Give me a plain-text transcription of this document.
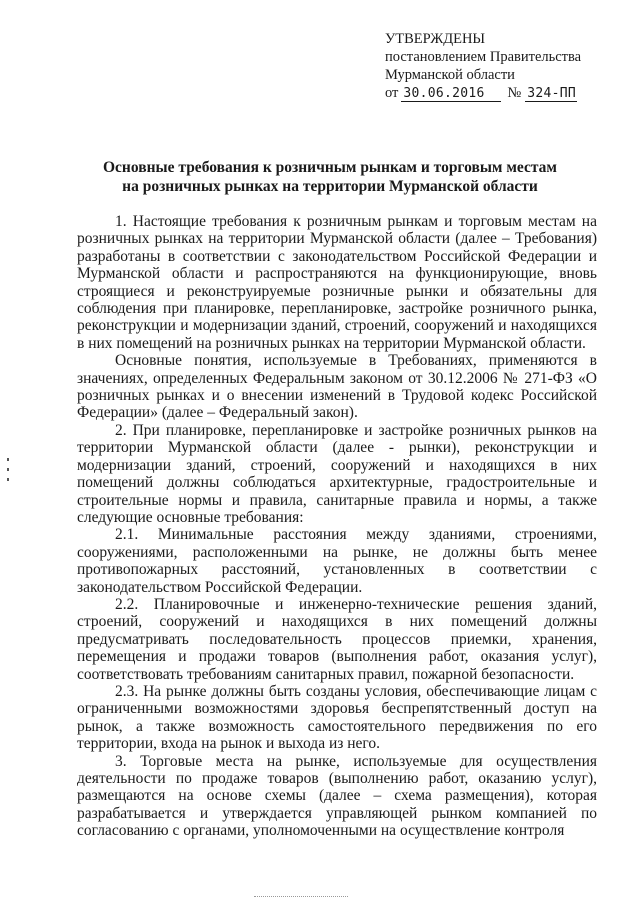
УТВЕРЖДЕНЫ
постановлением Правительства
Мурманской области
от 30.06.2016	№ 324-ПП
Основные требования к розничным рынкам и торговым местам
на розничных рынках на территории Мурманской области

1. Настоящие требования к розничным рынкам и торговым местам на розничных рынках на территории Мурманской области (далее – Требования) разработаны в соответствии с законодательством Российской Федерации и Мурманской области и распространяются на функционирующие, вновь строящиеся и реконструируемые розничные рынки и обязательны для соблюдения при планировке, перепланировке, застройке розничного рынка, реконструкции и модернизации зданий, строений, сооружений и находящихся в них помещений на розничных рынках на территории Мурманской области.

Основные понятия, используемые в Требованиях, применяются в значениях, определенных Федеральным законом от 30.12.2006 № 271-ФЗ «О розничных рынках и о внесении изменений в Трудовой кодекс Российской Федерации» (далее – Федеральный закон).

2. При планировке, перепланировке и застройке розничных рынков на территории Мурманской области (далее - рынки), реконструкции и модернизации зданий, строений, сооружений и находящихся в них помещений должны соблюдаться архитектурные, градостроительные и строительные нормы и правила, санитарные правила и нормы, а также следующие основные требования:

2.1. Минимальные расстояния между зданиями, строениями, сооружениями, расположенными на рынке, не должны быть менее противопожарных расстояний, установленных в соответствии с законодательством Российской Федерации.

2.2. Планировочные и инженерно-технические решения зданий, строений, сооружений и находящихся в них помещений должны предусматривать последовательность процессов приемки, хранения, перемещения и продажи товаров (выполнения работ, оказания услуг), соответствовать требованиям санитарных правил, пожарной безопасности.

2.3. На рынке должны быть созданы условия, обеспечивающие лицам с ограниченными возможностями здоровья беспрепятственный доступ на рынок, а также возможность самостоятельного передвижения по его территории, входа на рынок и выхода из него.

3. Торговые места на рынке, используемые для осуществления деятельности по продаже товаров (выполнению работ, оказанию услуг), размещаются на основе схемы (далее – схема размещения), которая разрабатывается и утверждается управляющей рынком компанией по согласованию с органами, уполномоченными на осуществление контроля
